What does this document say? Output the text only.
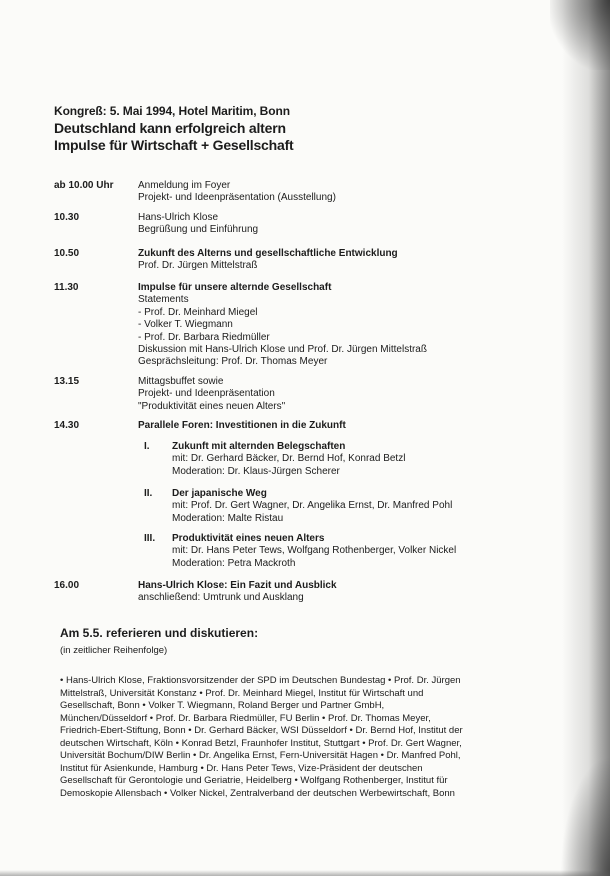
Kongreß: 5. Mai 1994, Hotel Maritim, Bonn
Deutschland kann erfolgreich altern
Impulse für Wirtschaft + Gesellschaft
ab 10.00 Uhr	Anmeldung im Foyer
Projekt- und Ideenpräsentation (Ausstellung)
10.30	Hans-Ulrich Klose
Begrüßung und Einführung
10.50	Zukunft des Alterns und gesellschaftliche Entwicklung
Prof. Dr. Jürgen Mittelstraß
11.30	Impulse für unsere alternde Gesellschaft
Statements
- Prof. Dr. Meinhard Miegel
- Volker T. Wiegmann
- Prof. Dr. Barbara Riedmüller
Diskussion mit Hans-Ulrich Klose und Prof. Dr. Jürgen Mittelstraß
Gesprächsleitung: Prof. Dr. Thomas Meyer
13.15	Mittagsbuffet sowie
Projekt- und Ideenpräsentation
"Produktivität eines neuen Alters"
14.30	Parallele Foren: Investitionen in die Zukunft
I.	Zukunft mit alternden Belegschaften
mit: Dr. Gerhard Bäcker, Dr. Bernd Hof, Konrad Betzl
Moderation: Dr. Klaus-Jürgen Scherer
II.	Der japanische Weg
mit: Prof. Dr. Gert Wagner, Dr. Angelika Ernst, Dr. Manfred Pohl
Moderation: Malte Ristau
III.	Produktivität eines neuen Alters
mit: Dr. Hans Peter Tews, Wolfgang Rothenberger, Volker Nickel
Moderation: Petra Mackroth
16.00	Hans-Ulrich Klose: Ein Fazit und Ausblick
anschließend: Umtrunk und Ausklang
Am 5.5. referieren und diskutieren:
(in zeitlicher Reihenfolge)
• Hans-Ulrich Klose, Fraktionsvorsitzender der SPD im Deutschen Bundestag • Prof. Dr. Jürgen
Mittelstraß, Universität Konstanz • Prof. Dr. Meinhard Miegel, Institut für Wirtschaft und
Gesellschaft, Bonn • Volker T. Wiegmann, Roland Berger und Partner GmbH,
München/Düsseldorf • Prof. Dr. Barbara Riedmüller, FU Berlin • Prof. Dr. Thomas Meyer,
Friedrich-Ebert-Stiftung, Bonn • Dr. Gerhard Bäcker, WSI Düsseldorf • Dr. Bernd Hof, Institut der
deutschen Wirtschaft, Köln • Konrad Betzl, Fraunhofer Institut, Stuttgart • Prof. Dr. Gert Wagner,
Universität Bochum/DIW Berlin • Dr. Angelika Ernst, Fern-Universität Hagen • Dr. Manfred Pohl,
Institut für Asienkunde, Hamburg • Dr. Hans Peter Tews, Vize-Präsident der deutschen
Gesellschaft für Gerontologie und Geriatrie, Heidelberg • Wolfgang Rothenberger, Institut für
Demoskopie Allensbach • Volker Nickel, Zentralverband der deutschen Werbewirtschaft, Bonn
